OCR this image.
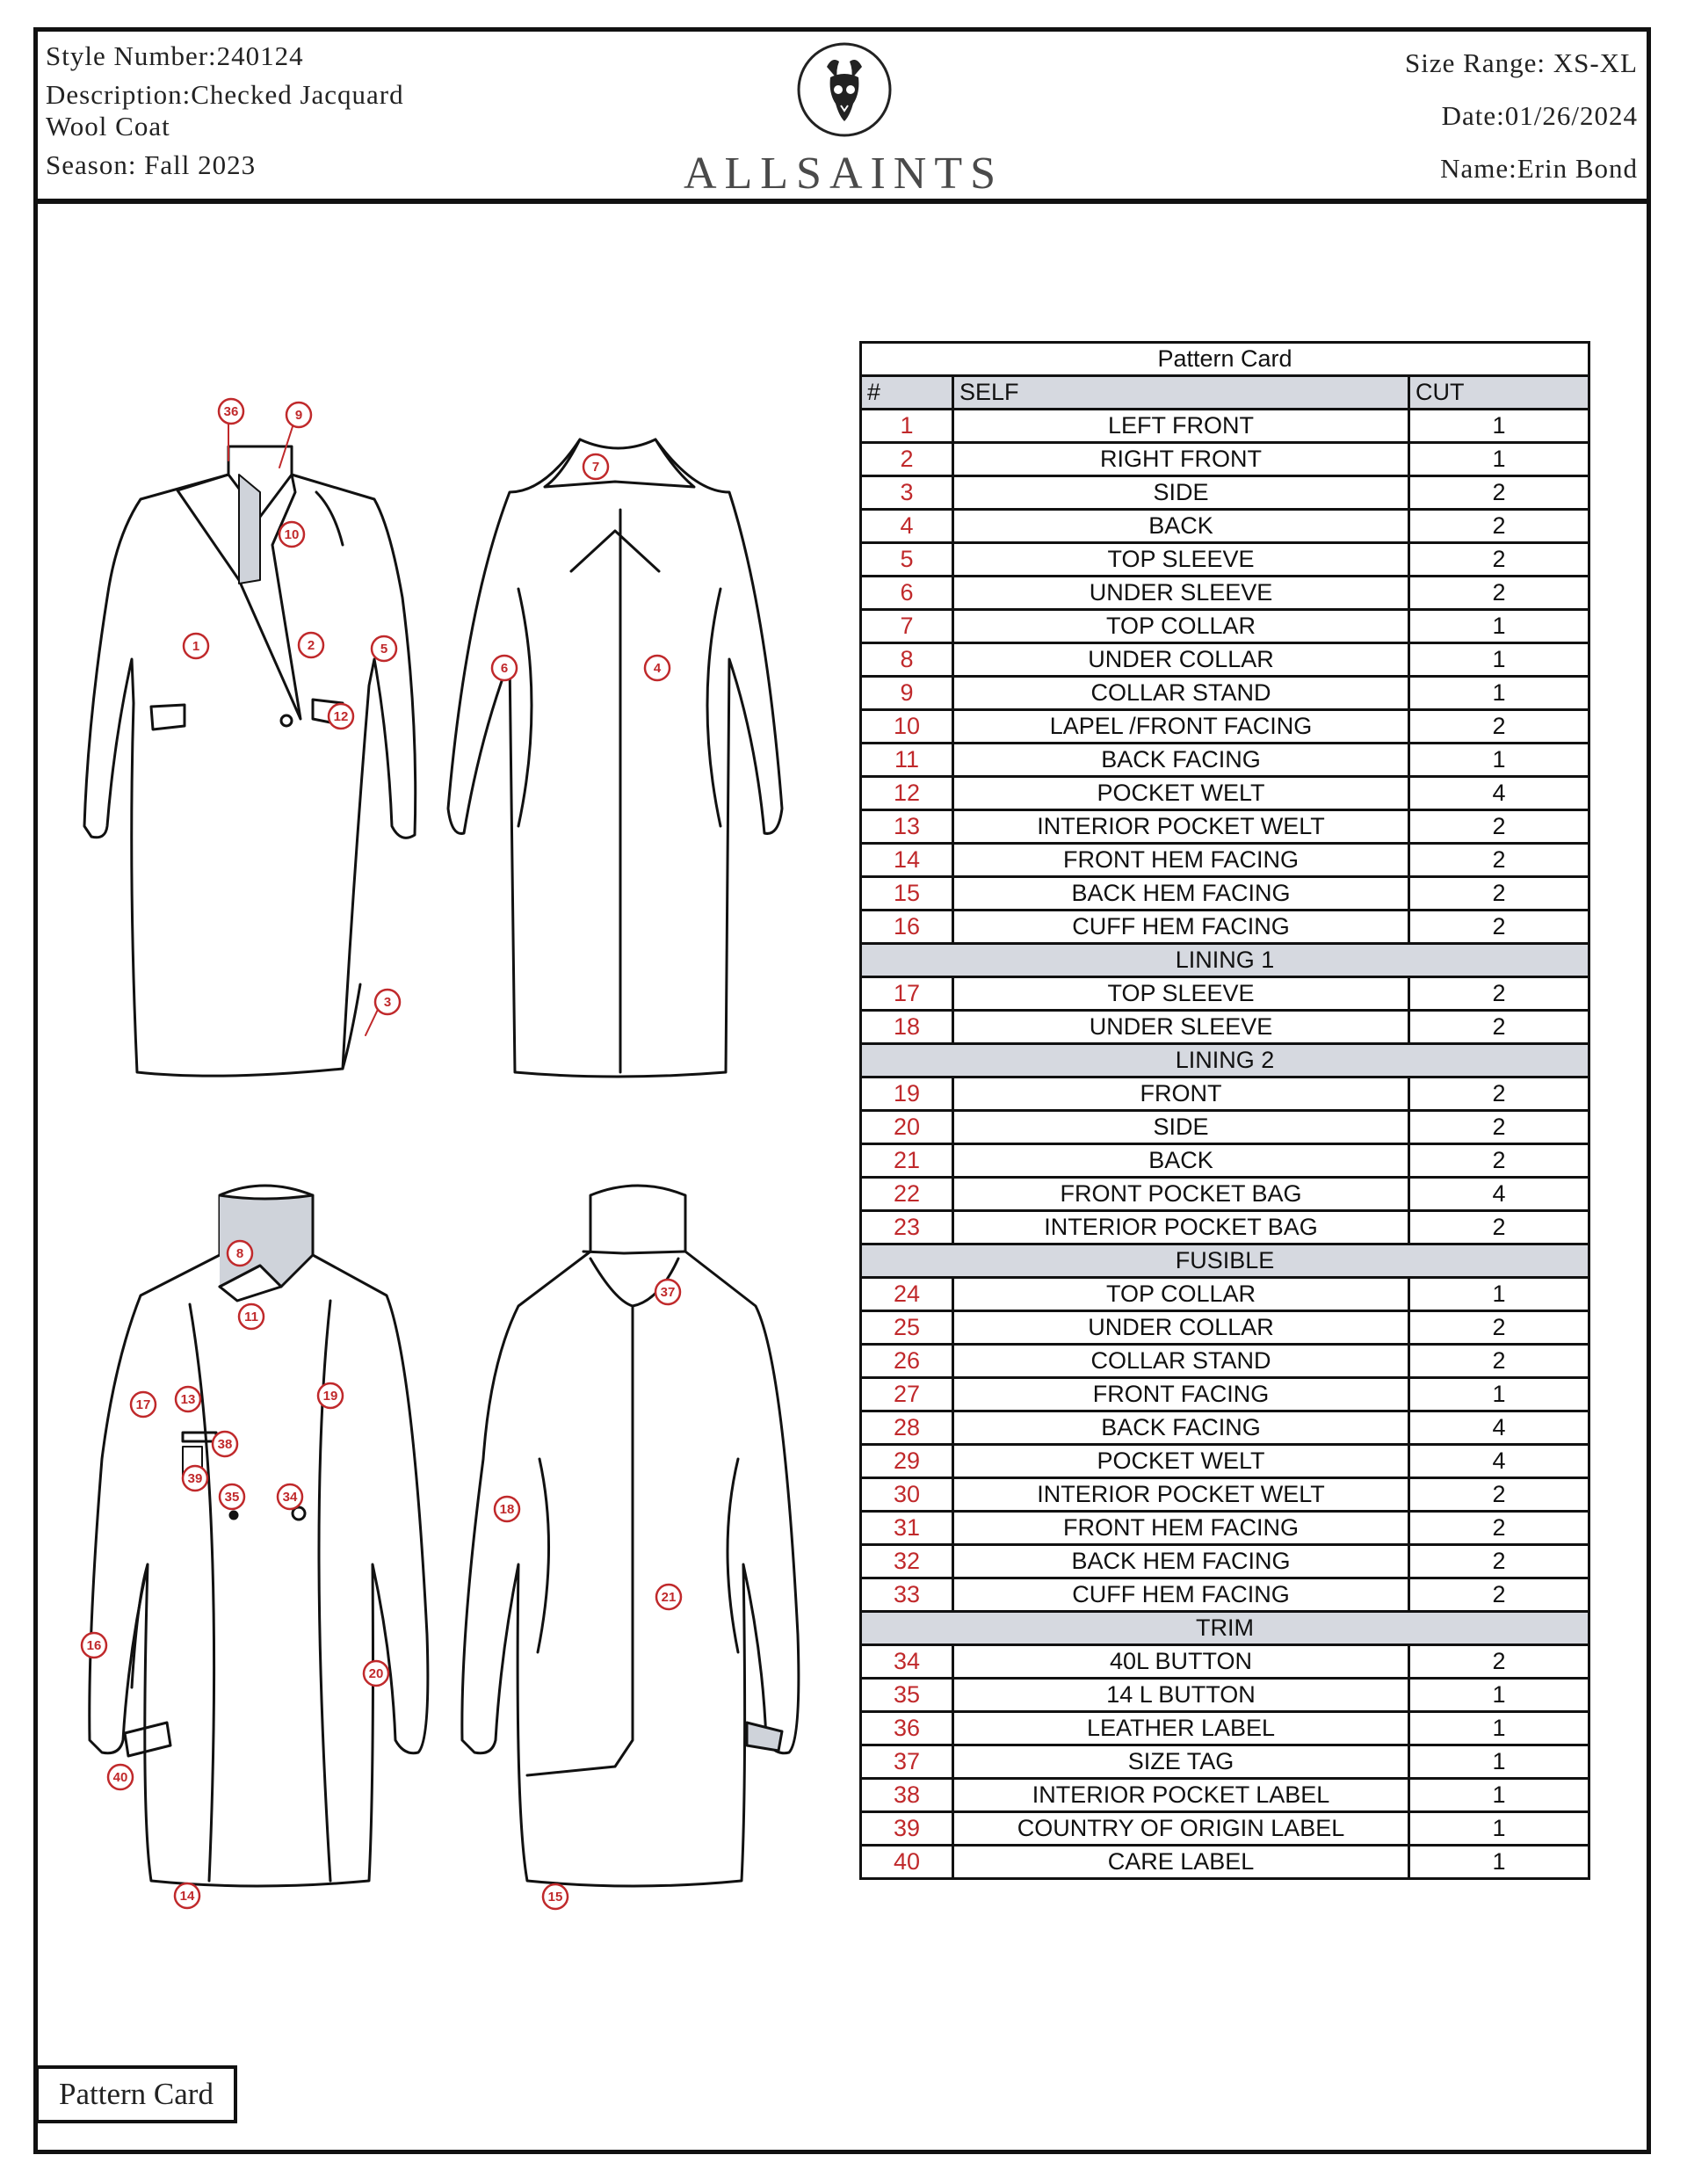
Style Number:240124
Description:Checked Jacquard
Wool Coat
Season: Fall 2023	ALLSAINTS
Size Range: XS-XL
Date:01/26/2024
Name:Erin Bond
36	9
10
1	2	5
12
3
7
6	4
8
11
17 13	19
38
39
35	34
16
20
40
14
37
18
21
15
Pattern Card		
#	SELF	CUT
1	LEFT FRONT	1
2	RIGHT FRONT	1
3	SIDE	2
4	BACK	2
5	TOP SLEEVE	2
6	UNDER SLEEVE	2
7	TOP COLLAR	1
8	UNDER COLLAR	1
9	COLLAR STAND	1
10	LAPEL /FRONT FACING	2
11	BACK FACING	1
12	POCKET WELT	4
13	INTERIOR POCKET WELT	2
14	FRONT HEM FACING	2
15	BACK HEM FACING	2
16	CUFF HEM FACING	2
LINING 1		
17	TOP SLEEVE	2
18	UNDER SLEEVE	2
LINING 2		
19	FRONT	2
20	SIDE	2
21	BACK	2
22	FRONT POCKET BAG	4
23	INTERIOR POCKET BAG	2
FUSIBLE		
24	TOP COLLAR	1
25	UNDER COLLAR	2
26	COLLAR STAND	2
27	FRONT FACING	1
28	BACK FACING	4
29	POCKET WELT	4
30	INTERIOR POCKET WELT	2
31	FRONT HEM FACING	2
32	BACK HEM FACING	2
33	CUFF HEM FACING	2
TRIM		
34	40L BUTTON	2
35	14 L BUTTON	1
36	LEATHER LABEL	1
37	SIZE TAG	1
38	INTERIOR POCKET LABEL	1
39	COUNTRY OF ORIGIN LABEL	1
40	CARE LABEL	1
Pattern Card
